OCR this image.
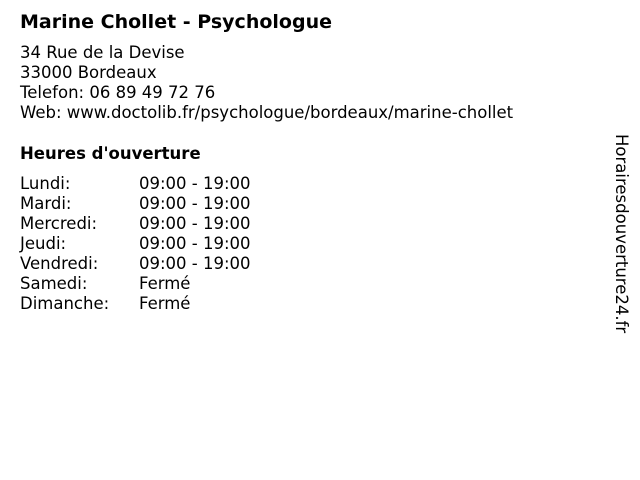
Marine Chollet - Psychologue
34 Rue de la Devise
33000 Bordeaux
Telefon: 06 89 49 72 76
Web: www.doctolib.fr/psychologue/bordeaux/marine-chollet
Heures d'ouverture
Lundi:	09:00 - 19:00
Mardi:	09:00 - 19:00
Mercredi:	09:00 - 19:00
Jeudi:	09:00 - 19:00
Vendredi: 09:00 - 19:00
Samedi:	Fermé
Dimanche: Fermé	Horairesdouverture24.fr
